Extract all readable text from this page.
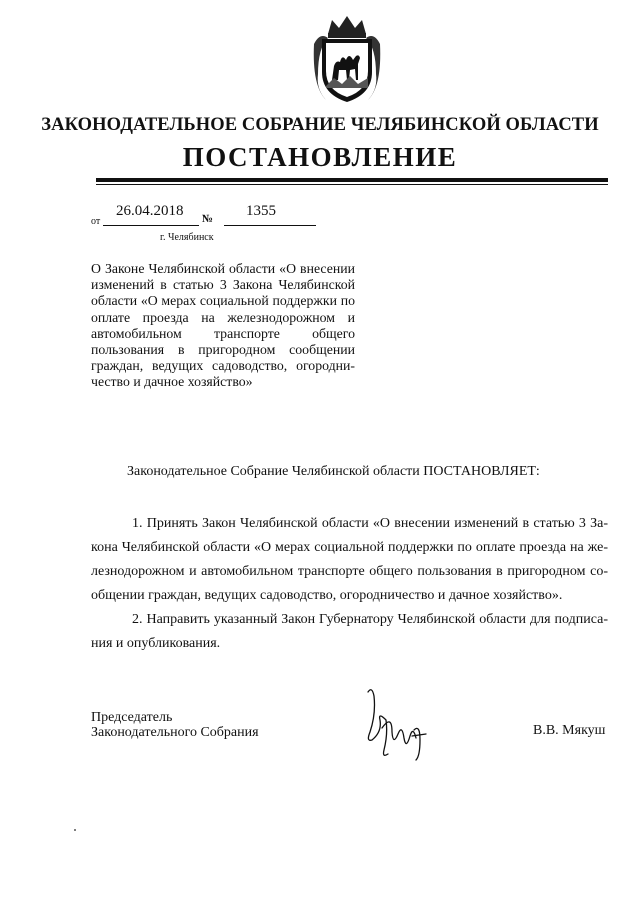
ЗАКОНОДАТЕЛЬНОЕ СОБРАНИЕ ЧЕЛЯБИНСКОЙ ОБЛАСТИ
ПОСТАНОВЛЕНИЕ
от
26.04.2018 № 1355
г. Челябинск
О Законе Челябинской области «О внесении изменений в статью 3 Закона Челябинской области «О мерах социальной поддержки по оплате проезда на железнодорожном и автомобильном транспорте общего пользования в пригородном сообщении граждан, ведущих садоводство, огородничество и дачное хозяйство»
Законодательное Собрание Челябинской области ПОСТАНОВЛЯЕТ:

1. Принять Закон Челябинской области «О внесении изменений в статью 3 Закона Челябинской области «О мерах социальной поддержки по оплате проезда на железнодорожном и автомобильном транспорте общего пользования в пригородном сообщении граждан, ведущих садоводство, огородничество и дачное хозяйство».

2. Направить указанный Закон Губернатору Челябинской области для подписания и опубликования.

Председатель
Законодательного Собрания	В.В. Мякуш
